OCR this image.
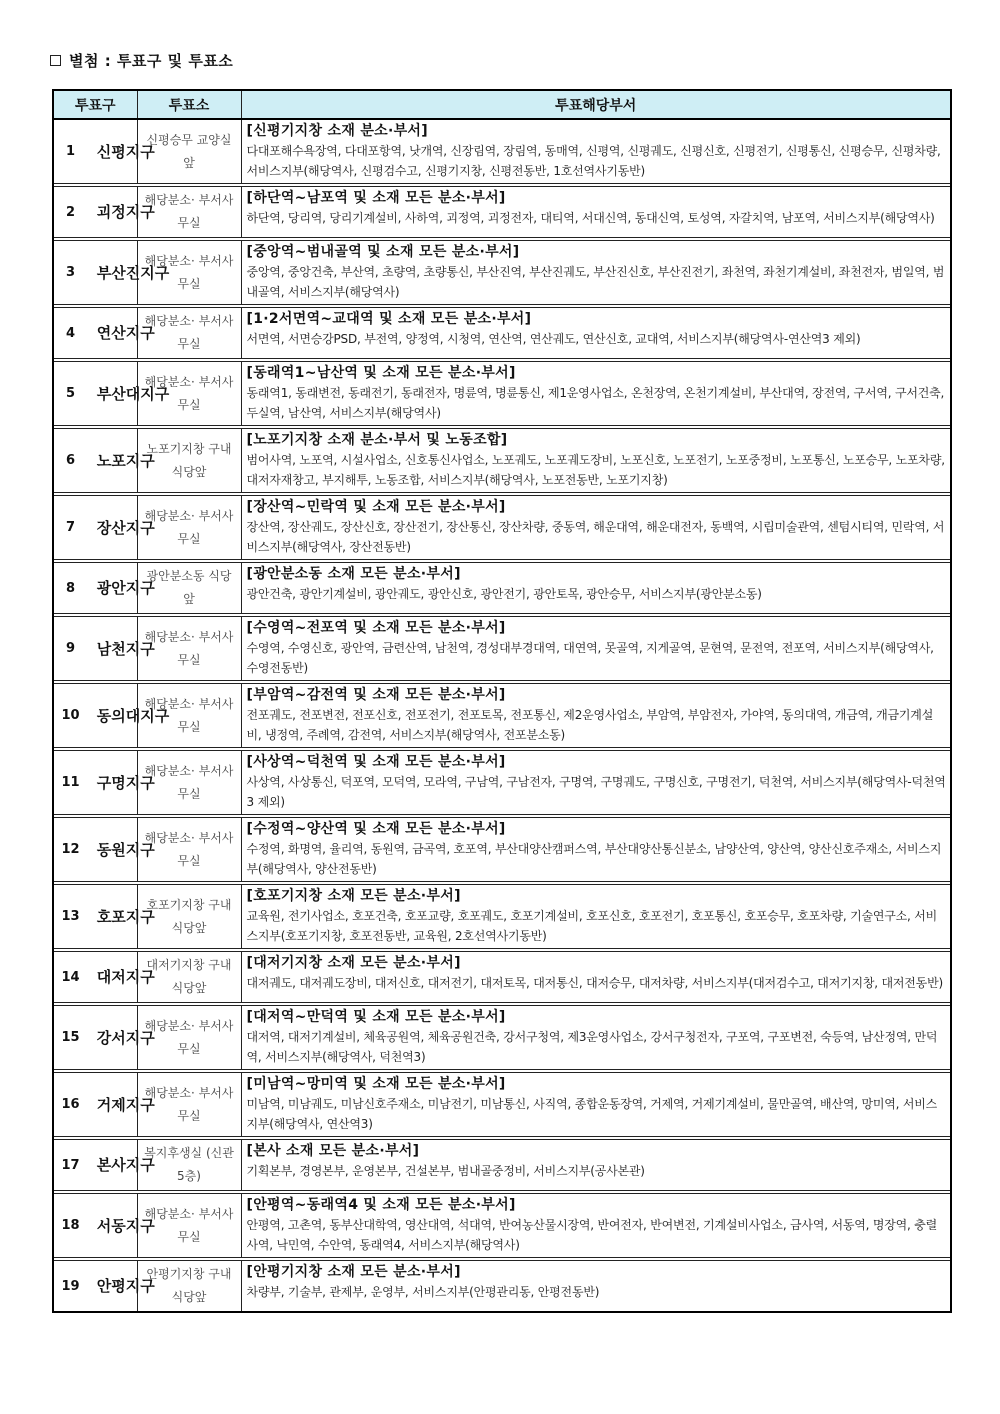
별첨 : 투표구 및 투표소
투표구		투표소	투표해당부서
1	신평지구	신평승무 교양실앞	[신평기지창 소재 분소·부서]
다대포해수욕장역, 다대포항역, 낫개역, 신장림역, 장림역, 동매역, 신평역, 신평궤도, 신평신호, 신평전기, 신평통신, 신평승무, 신평차량, 서비스지부(해당역사, 신평검수고, 신평기지창, 신평전동반, 1호선역사기동반)

2	괴정지구	해당분소· 부서사무실	[하단역~남포역 및 소재 모든 분소·부서]
하단역, 당리역, 당리기계설비, 사하역, 괴정역, 괴정전자, 대티역, 서대신역, 동대신역, 토성역, 자갈치역, 남포역, 서비스지부(해당역사)

3	부산진지구	해당분소· 부서사무실	[중앙역~범내골역 및 소재 모든 분소·부서]
중앙역, 중앙건축, 부산역, 초량역, 초량통신, 부산진역, 부산진궤도, 부산진신호, 부산진전기, 좌천역, 좌천기계설비, 좌천전자, 범일역, 범내골역, 서비스지부(해당역사)

4	연산지구	해당분소· 부서사무실	[1·2서면역~교대역 및 소재 모든 분소·부서]
서면역, 서면승강PSD, 부전역, 양정역, 시청역, 연산역, 연산궤도, 연산신호, 교대역, 서비스지부(해당역사-연산역3 제외)

5	부산대지구	해당분소· 부서사무실	[동래역1~남산역 및 소재 모든 분소·부서]
동래역1, 동래변전, 동래전기, 동래전자, 명륜역, 명륜통신, 제1운영사업소, 온천장역, 온천기계설비, 부산대역, 장전역, 구서역, 구서건축, 두실역, 남산역, 서비스지부(해당역사)

6	노포지구	노포기지창 구내식당앞	[노포기지창 소재 분소·부서 및 노동조합]
범어사역, 노포역, 시설사업소, 신호통신사업소, 노포궤도, 노포궤도장비, 노포신호, 노포전기, 노포중정비, 노포통신, 노포승무, 노포차량, 대저자재창고, 부지해투, 노동조합, 서비스지부(해당역사, 노포전동반, 노포기지창)

7	장산지구	해당분소· 부서사무실	[장산역~민락역 및 소재 모든 분소·부서]
장산역, 장산궤도, 장산신호, 장산전기, 장산통신, 장산차량, 중동역, 해운대역, 해운대전자, 동백역, 시립미술관역, 센텀시티역, 민락역, 서비스지부(해당역사, 장산전동반)

8	광안지구	광안분소동 식당앞	[광안분소동 소재 모든 분소·부서]
광안건축, 광안기계설비, 광안궤도, 광안신호, 광안전기, 광안토목, 광안승무, 서비스지부(광안분소동)

9	남천지구	해당분소· 부서사무실	[수영역~전포역 및 소재 모든 분소·부서]
수영역, 수영신호, 광안역, 금련산역, 남천역, 경성대부경대역, 대연역, 못골역, 지게골역, 문현역, 문전역, 전포역, 서비스지부(해당역사, 수영전동반)

10	동의대지구	해당분소· 부서사무실	[부암역~감전역 및 소재 모든 분소·부서]
전포궤도, 전포변전, 전포신호, 전포전기, 전포토목, 전포통신, 제2운영사업소, 부암역, 부암전자, 가야역, 동의대역, 개금역, 개금기계설비, 냉정역, 주례역, 감전역, 서비스지부(해당역사, 전포분소동)

11	구명지구	해당분소· 부서사무실	[사상역~덕천역 및 소재 모든 분소·부서]
사상역, 사상통신, 덕포역, 모덕역, 모라역, 구남역, 구남전자, 구명역, 구명궤도, 구명신호, 구명전기, 덕천역, 서비스지부(해당역사-덕천역3 제외)

12	동원지구	해당분소· 부서사무실	[수정역~양산역 및 소재 모든 분소·부서]
수정역, 화명역, 율리역, 동원역, 금곡역, 호포역, 부산대양산캠퍼스역, 부산대양산통신분소, 남양산역, 양산역, 양산신호주재소, 서비스지부(해당역사, 양산전동반)

13	호포지구	호포기지창 구내식당앞	[호포기지창 소재 모든 분소·부서]
교육원, 전기사업소, 호포건축, 호포교량, 호포궤도, 호포기계설비, 호포신호, 호포전기, 호포통신, 호포승무, 호포차량, 기술연구소, 서비스지부(호포기지창, 호포전동반, 교육원, 2호선역사기동반)

14	대저지구	대저기지창 구내식당앞	[대저기지창 소재 모든 분소·부서]
대저궤도, 대저궤도장비, 대저신호, 대저전기, 대저토목, 대저통신, 대저승무, 대저차량, 서비스지부(대저검수고, 대저기지창, 대저전동반)

15	강서지구	해당분소· 부서사무실	[대저역~만덕역 및 소재 모든 분소·부서]
대저역, 대저기계설비, 체육공원역, 체육공원건축, 강서구청역, 제3운영사업소, 강서구청전자, 구포역, 구포변전, 숙등역, 남산정역, 만덕역, 서비스지부(해당역사, 덕천역3)

16	거제지구	해당분소· 부서사무실	[미남역~망미역 및 소재 모든 분소·부서]
미남역, 미남궤도, 미남신호주재소, 미남전기, 미남통신, 사직역, 종합운동장역, 거제역, 거제기계설비, 물만골역, 배산역, 망미역, 서비스지부(해당역사, 연산역3)

17	본사지구	복지후생실 (신관5층)	[본사 소재 모든 분소·부서]
기획본부, 경영본부, 운영본부, 건설본부, 범내골중정비, 서비스지부(공사본관)

18	서동지구	해당분소· 부서사무실	[안평역~동래역4 및 소재 모든 분소·부서]
안평역, 고촌역, 동부산대학역, 영산대역, 석대역, 반여농산물시장역, 반여전자, 반여변전, 기계설비사업소, 금사역, 서동역, 명장역, 충렬사역, 낙민역, 수안역, 동래역4, 서비스지부(해당역사)

19	안평지구	안평기지창 구내식당앞	[안평기지창 소재 모든 분소·부서]
차량부, 기술부, 관제부, 운영부, 서비스지부(안평관리동, 안평전동반)
